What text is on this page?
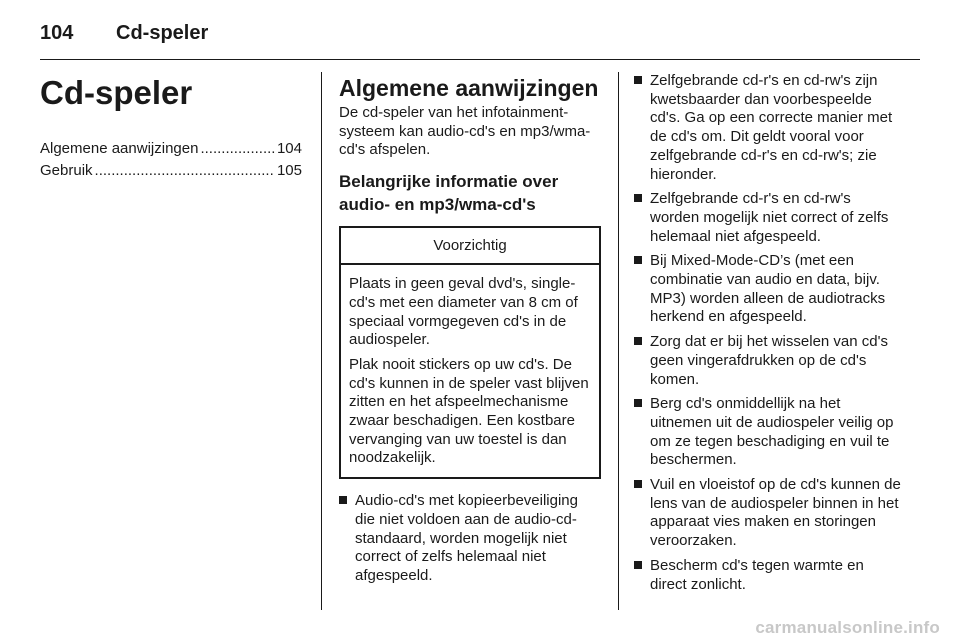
104 Cd-speler
Cd-speler
Algemene aanwijzingen .....	104
Gebruik .....	105
Algemene aanwijzingen

De cd-speler van het infotainment-systeem kan audio-cd's en mp3/wma-cd's afspelen.

Belangrijke informatie over audio- en mp3/wma-cd's
Voorzichtig

Plaats in geen geval dvd's, single-cd's met een diameter van 8 cm of speciaal vormgegeven cd's in de audiospeler.

Plak nooit stickers op uw cd's. De cd's kunnen in de speler vast blijven zitten en het afspeelmechanisme zwaar beschadigen. Een kostbare vervanging van uw toestel is dan noodzakelijk.

Audio-cd's met kopieerbeveiliging die niet voldoen aan de audio-cd-standaard, worden mogelijk niet correct of zelfs helemaal niet afgespeeld.
Zelfgebrande cd-r's en cd-rw's zijn kwetsbaarder dan voorbespeelde cd's. Ga op een correcte manier met de cd's om. Dit geldt vooral voor zelfgebrande cd-r's en cd-rw's; zie hieronder.
Zelfgebrande cd-r's en cd-rw's worden mogelijk niet correct of zelfs helemaal niet afgespeeld.
Bij Mixed-Mode-CD’s (met een combinatie van audio en data, bijv. MP3) worden alleen de audiotracks herkend en afgespeeld.
Zorg dat er bij het wisselen van cd's geen vingerafdrukken op de cd's komen.
Berg cd's onmiddellijk na het uitnemen uit de audiospeler veilig op om ze tegen beschadiging en vuil te beschermen.
Vuil en vloeistof op de cd's kunnen de lens van de audiospeler binnen in het apparaat vies maken en storingen veroorzaken.
Bescherm cd's tegen warmte en direct zonlicht.
carmanualsonline.info
